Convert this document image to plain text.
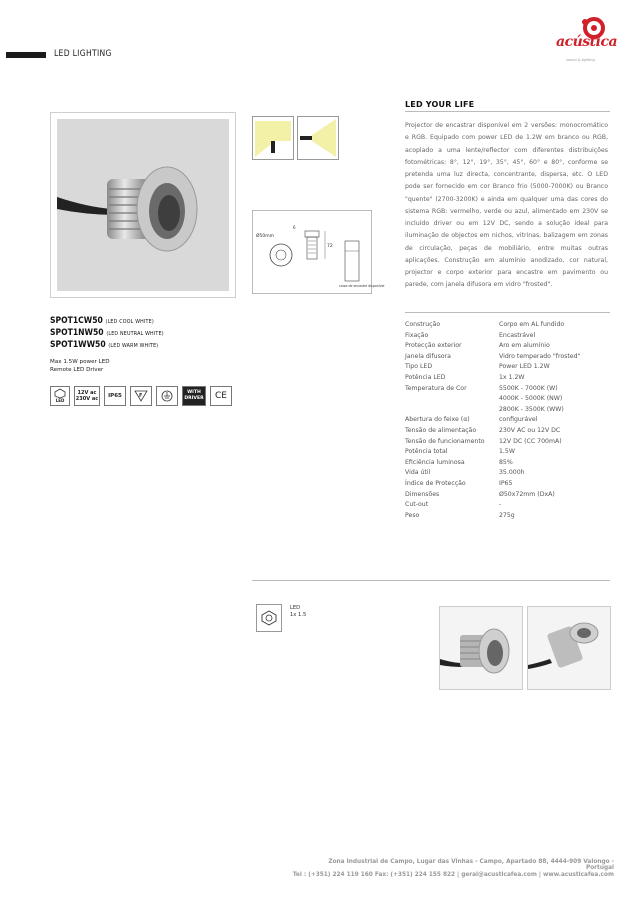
LED LIGHTING
acústica
sound & lighting
SPOT1CW50 (LED COOL WHITE)
SPOT1NW50 (LED NEUTRAL WHITE)
SPOT1WW50 (LED WARM WHITE)
Max 1.5W power LED
Remote LED Driver
LED
12V ac 230V ac	IP65	F
WITH DRIVER	CE
Ø50mm
72
6
caixa de encastre disponível
LED YOUR LIFE
Projector de encastrar disponível em 2 versões: monocromático e RGB. Equipado com power LED de 1.2W em branco ou RGB, acoplado a uma lente/reflector com diferentes distribuições fotométricas: 8°, 12°, 19°, 35°, 45°, 60° e 80°, conforme se pretenda uma luz directa, concentrante, dispersa, etc. O LED pode ser fornecido em cor Branco frio (5000-7000K) ou Branco "quente" (2700-3200K) e ainda em qualquer uma das cores do sistema RGB: vermelho, verde ou azul, alimentado em 230V se incluído driver ou em 12V DC, sendo a solução ideal para iluminação de objectos em nichos, vitrinas, balizagem em zonas de circulação, peças de mobiliário, entre muitas outras aplicações. Construção em alumínio anodizado, cor natural, projector e corpo exterior para encastre em pavimento ou parede, com janela difusora em vidro "frosted".
Construção	Corpo em AL fundido
Fixação	Encastrável
Protecção exterior	Aro em alumínio
Janela difusora	Vidro temperado "frosted"
Tipo LED	Power LED 1.2W
Potência LED	1x 1.2W
Temperatura de Cor	5500K - 7000K (W)
4000K - 5000K (NW)
2800K - 3500K (WW)
Abertura do feixe (α)	configurável
Tensão de alimentação	230V AC ou 12V DC
Tensão de funcionamento	12V DC (CC 700mA)
Potência total	1.5W
Eficiência luminosa	85%
Vida útil	35.000h
Índice de Protecção	IP65
Dimensões	Ø50x72mm (DxA)
Cut-out	-
Peso	275g
LED
1x 1.5
Zona Industrial de Campo, Lugar das Vinhas - Campo, Apartado 88, 4444-909 Valongo - Portugal
Tel : (+351) 224 119 160 Fax: (+351) 224 155 822 | geral@acusticafea.com | www.acusticafea.com
